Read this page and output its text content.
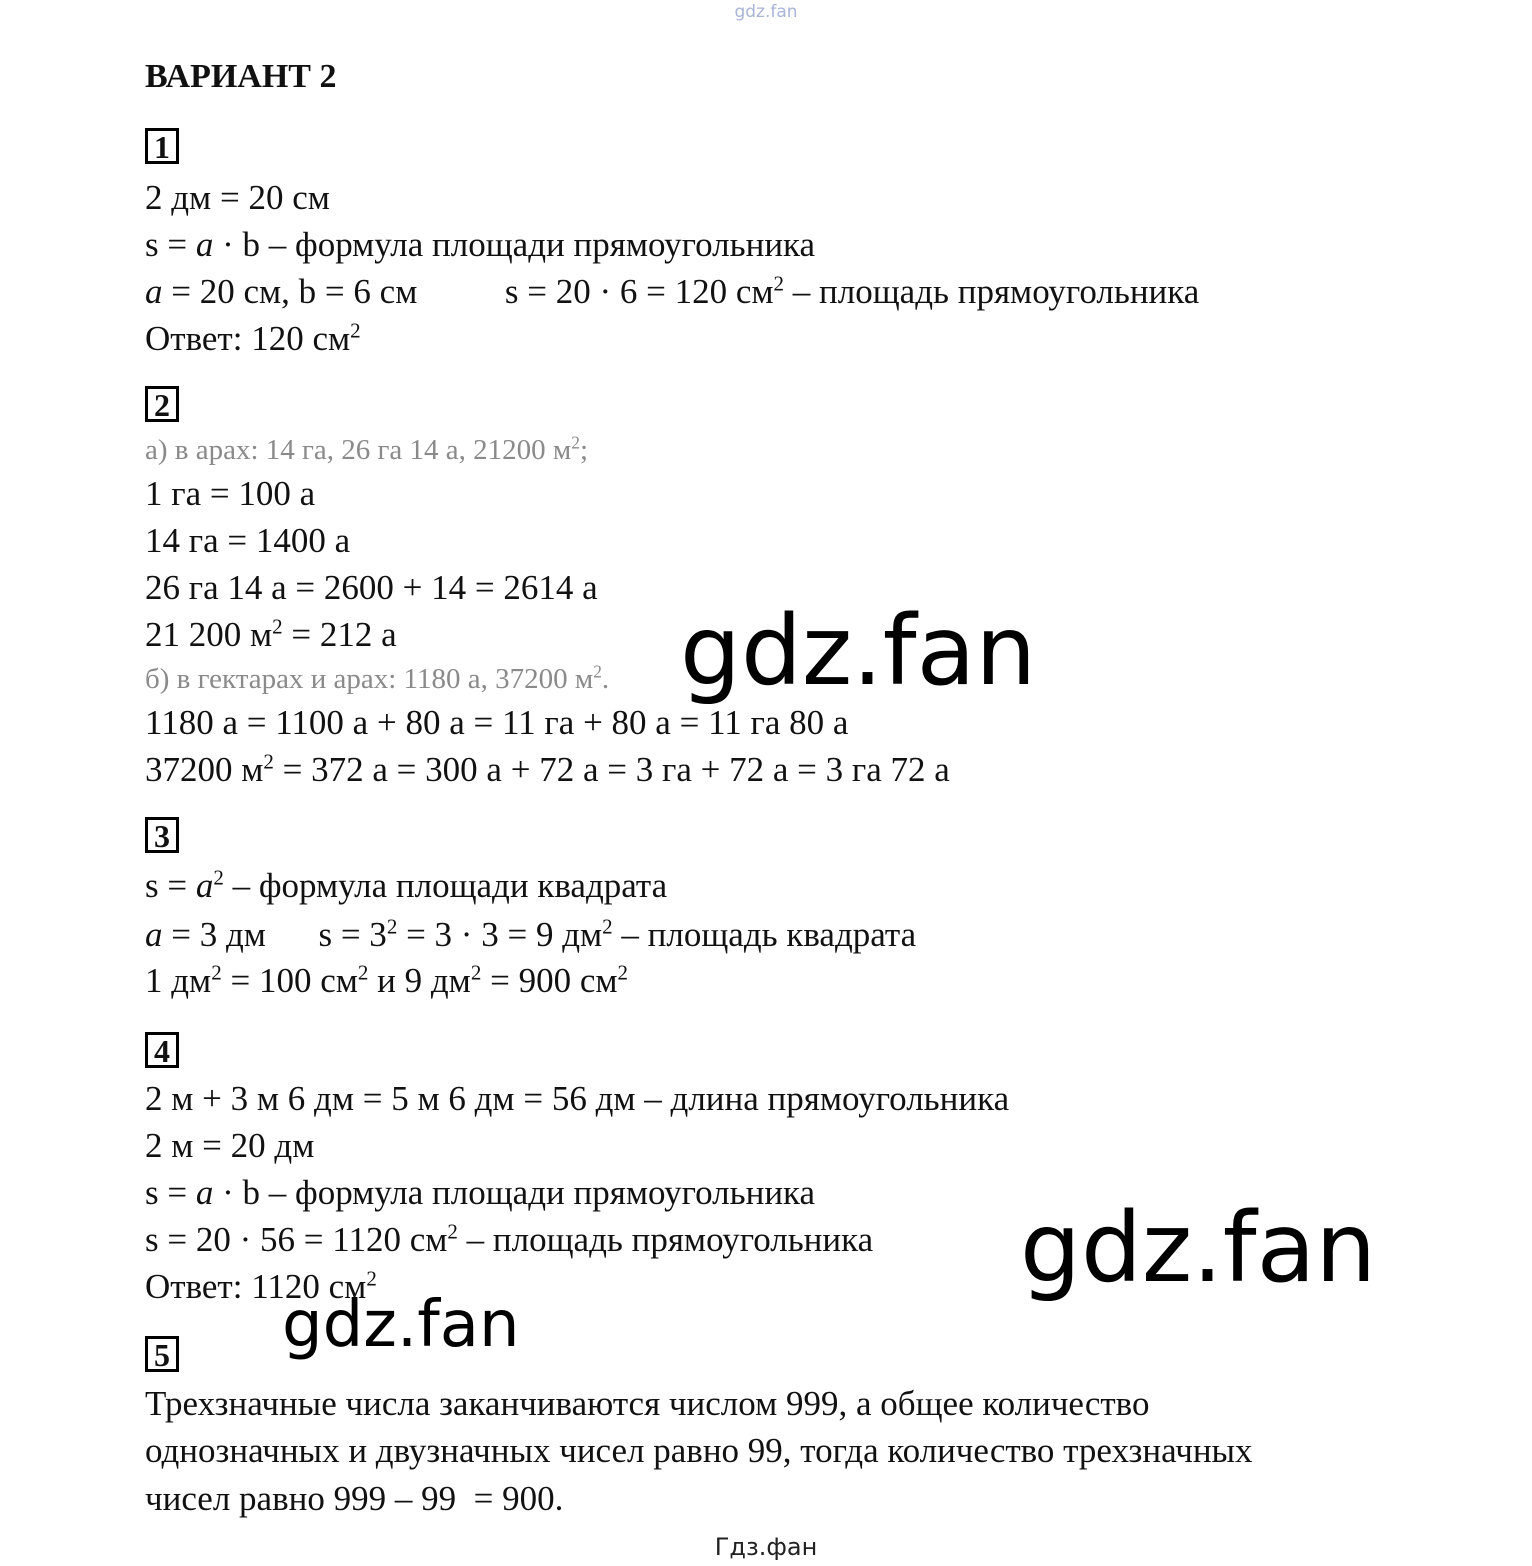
gdz.fan
ВАРИАНТ 2
1
2 дм = 20 см
s = a · b – формула площади прямоугольника
a = 20 см, b = 6 см          s = 20 · 6 = 120 $см^2$ – площадь прямоугольника
Ответ: 120 $см^2$
2
а) в арах: 14 га, 26 га 14 а, 21200 $м^2$;
1 га = 100 а
14 га = 1400 а
26 га 14 а = 2600 + 14 = 2614 а
21 200 $м^2 = 212$ а
б) в гектарах и арах: 1180 а, 37200 $м^2$.
1180 а = 1100 а + 80 а = 11 га + 80 а = 11 га 80 а
37200 $м^2 = 372$ а = 300 а + 72 а = 3 га + 72 а = 3 га 72 а
3
$s = a^2$ – формула площади квадрата
a = 3 дм      $s = 3^2 = 3 \cdot 3 = 9$ $дм^2$ – площадь квадрата
1 $дм^2 = 100$ $см^2$ и 9 $дм^2 = 900$ $см^2$
4
2 м + 3 м 6 дм = 5 м 6 дм = 56 дм – длина прямоугольника
2 м = 20 дм
s = a · b – формула площади прямоугольника
s = 20 · 56 = 1120 $см^2$ – площадь прямоугольника
Ответ: 1120 $см^2$
5
Трехзначные числа заканчиваются числом 999, а общее количество
однозначных и двузначных чисел равно 99, тогда количество трехзначных
чисел равно 999 – 99  = 900.
gdz.fan
gdz.fan
gdz.fan
Гдз.фан
